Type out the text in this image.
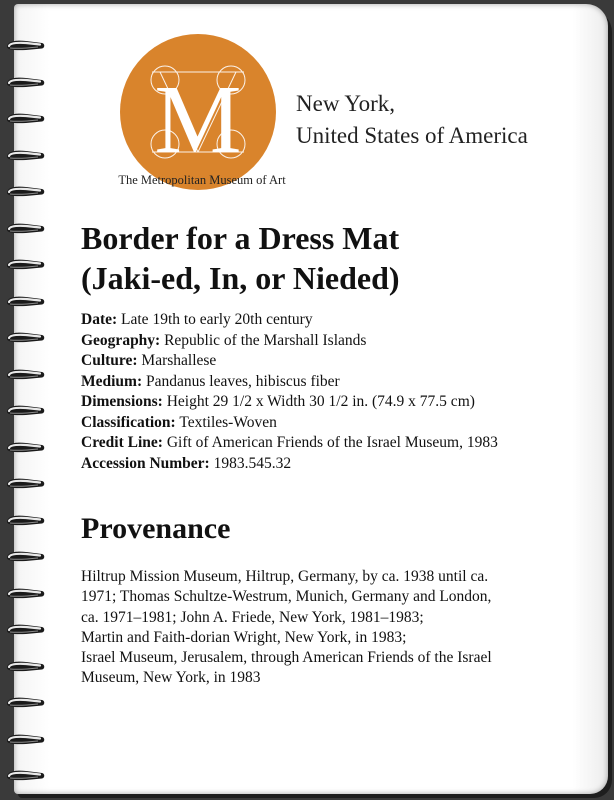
M
The Metropolitan Museum of Art
New York,
United States of America
Border for a Dress Mat
(Jaki-ed, In, or Nieded)
Date: Late 19th to early 20th century
Geography: Republic of the Marshall Islands
Culture: Marshallese
Medium: Pandanus leaves, hibiscus fiber
Dimensions: Height 29 1/2 x Width 30 1/2 in. (74.9 x 77.5 cm)
Classification: Textiles-Woven
Credit Line: Gift of American Friends of the Israel Museum, 1983
Accession Number: 1983.545.32
Provenance
Hiltrup Mission Museum, Hiltrup, Germany, by ca. 1938 until ca.
1971; Thomas Schultze-Westrum, Munich, Germany and London,
ca. 1971–1981; John A. Friede, New York, 1981–1983;
Martin and Faith-dorian Wright, New York, in 1983;
Israel Museum, Jerusalem, through American Friends of the Israel
Museum, New York, in 1983
